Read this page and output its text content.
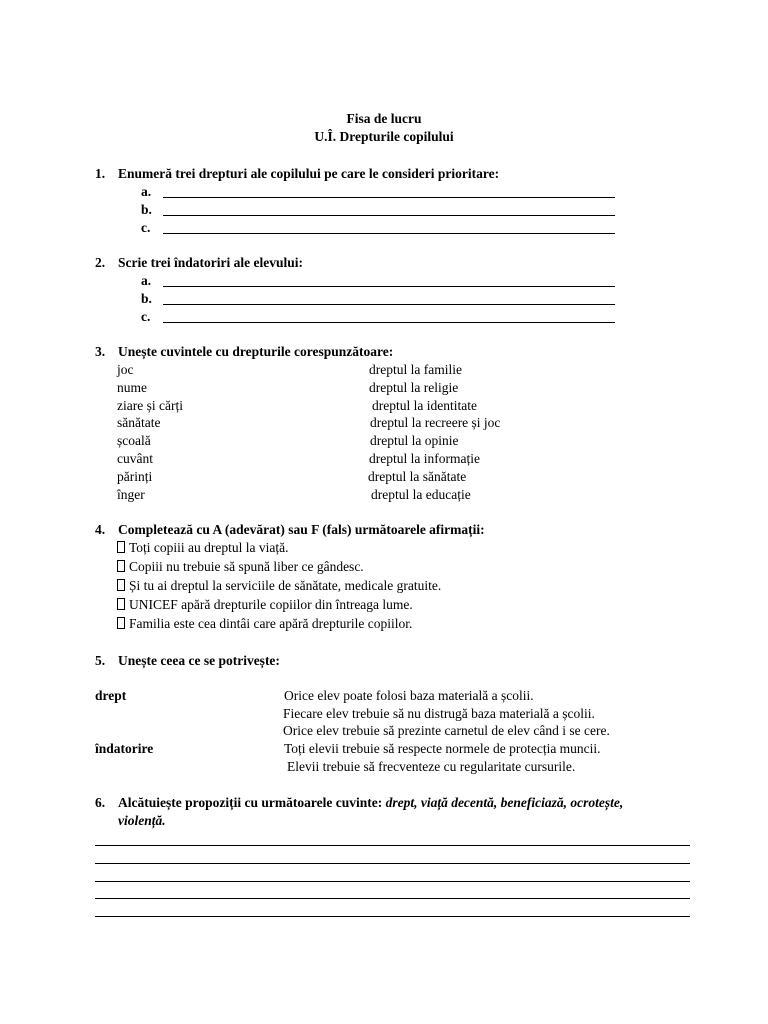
Fisa de lucru
U.Î. Drepturile copilului
1. Enumeră trei drepturi ale copilului pe care le consideri prioritare:
a.
b.
c.
2. Scrie trei îndatoriri ale elevului:
a.
b.
c.
3. Unește cuvintele cu drepturile corespunzătoare:
joc
nume
ziare și cărți
sănătate
școală
cuvânt
părinți
înger
dreptul la familie
dreptul la religie
dreptul la identitate
dreptul la recreere și joc
dreptul la opinie
dreptul la informație
dreptul la sănătate
dreptul la educație
4. Completează cu A (adevărat) sau F (fals) următoarele afirmații:
Toți copiii au dreptul la viață.
Copiii nu trebuie să spună liber ce gândesc.
Și tu ai dreptul la serviciile de sănătate, medicale gratuite.
UNICEF apără drepturile copiilor din întreaga lume.
Familia este cea dintâi care apără drepturile copiilor.
5. Unește ceea ce se potrivește:
drept
îndatorire
Orice elev poate folosi baza materială a școlii.
Fiecare elev trebuie să nu distrugă baza materială a școlii.
Orice elev trebuie să prezinte carnetul de elev când i se cere.
Toți elevii trebuie să respecte normele de protecția muncii.
Elevii trebuie să frecventeze cu regularitate cursurile.
6. Alcătuiește propoziții cu următoarele cuvinte: drept, viață decentă, beneficiază, ocrotește,
violență.
